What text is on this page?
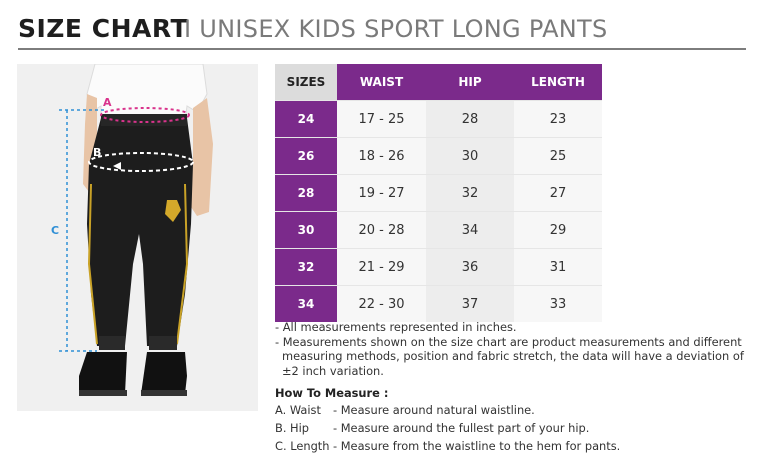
SIZE CHART
I UNISEX KIDS SPORT LONG PANTS
A
B
C
SIZES	WAIST	HIP	LENGTH
24	17 - 25	28	23
26	18 - 26	30	25
28	19 - 27	32	27
30	20 - 28	34	29
32	21 - 29	36	31
34	22 - 30	37	33
- All measurements represented in inches.
- Measurements shown on the size chart are product measurements and different measuring methods, position and fabric stretch, the data will have a deviation of ±2 inch variation.
How To Measure :
A. Waist - Measure around natural waistline.
B. Hip - Measure around the fullest part of your hip.
C. Length - Measure from the waistline to the hem for pants.
